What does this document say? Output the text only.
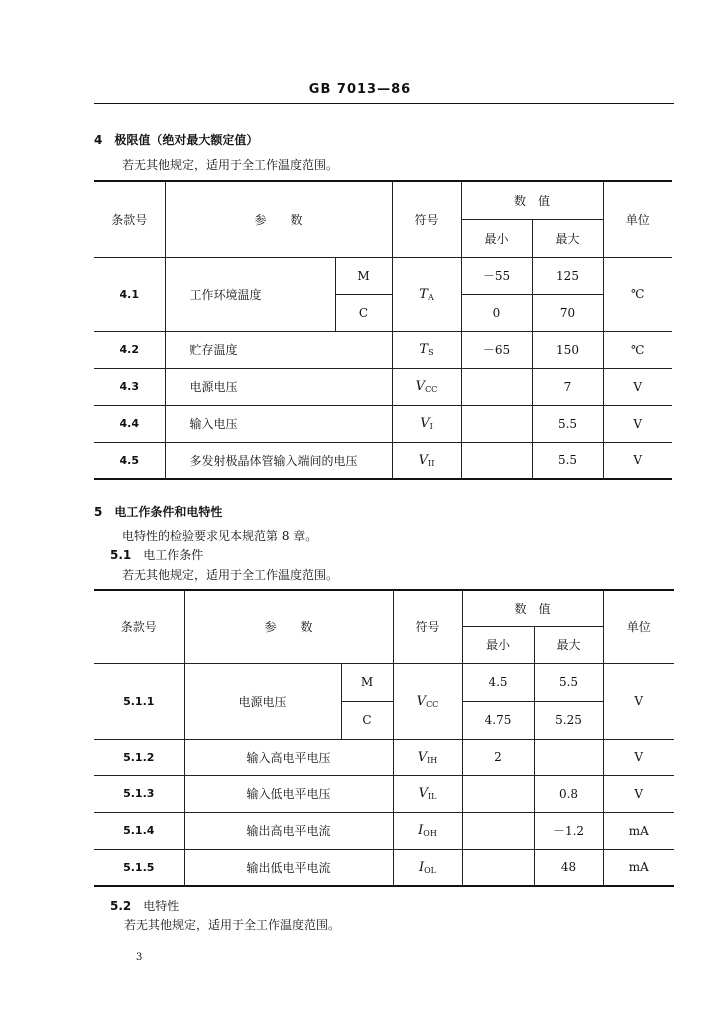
GB 7013—86
4 极限值（绝对最大额定值）
若无其他规定，适用于全工作温度范围。
条款号	参　　数		符号	数　值		单位
				最小	最大	
4.1	工作环境温度	M	$T_A$	－55	125	℃
		C		0	70	
4.2	贮存温度		$T_S$	－65	150	℃
4.3	电源电压		$V_{CC}$		7	V
4.4	输入电压		$V_I$		5.5	V
4.5	多发射极晶体管输入端间的电压		$V_{II}$		5.5	V
5 电工作条件和电特性
电特性的检验要求见本规范第 8 章。
5.1 电工作条件
若无其他规定，适用于全工作温度范围。
条款号	参　　数		符号	数　值		单位
				最小	最大	
5.1.1	电源电压	M	$V_{CC}$	4.5	5.5	V
		C		4.75	5.25	
5.1.2	输入高电平电压		$V_{IH}$	2		V
5.1.3	输入低电平电压		$V_{IL}$		0.8	V
5.1.4	输出高电平电流		$I_{OH}$		－1.2	mA
5.1.5	输出低电平电流		$I_{OL}$		48	mA
5.2 电特性
若无其他规定，适用于全工作温度范围。
3
